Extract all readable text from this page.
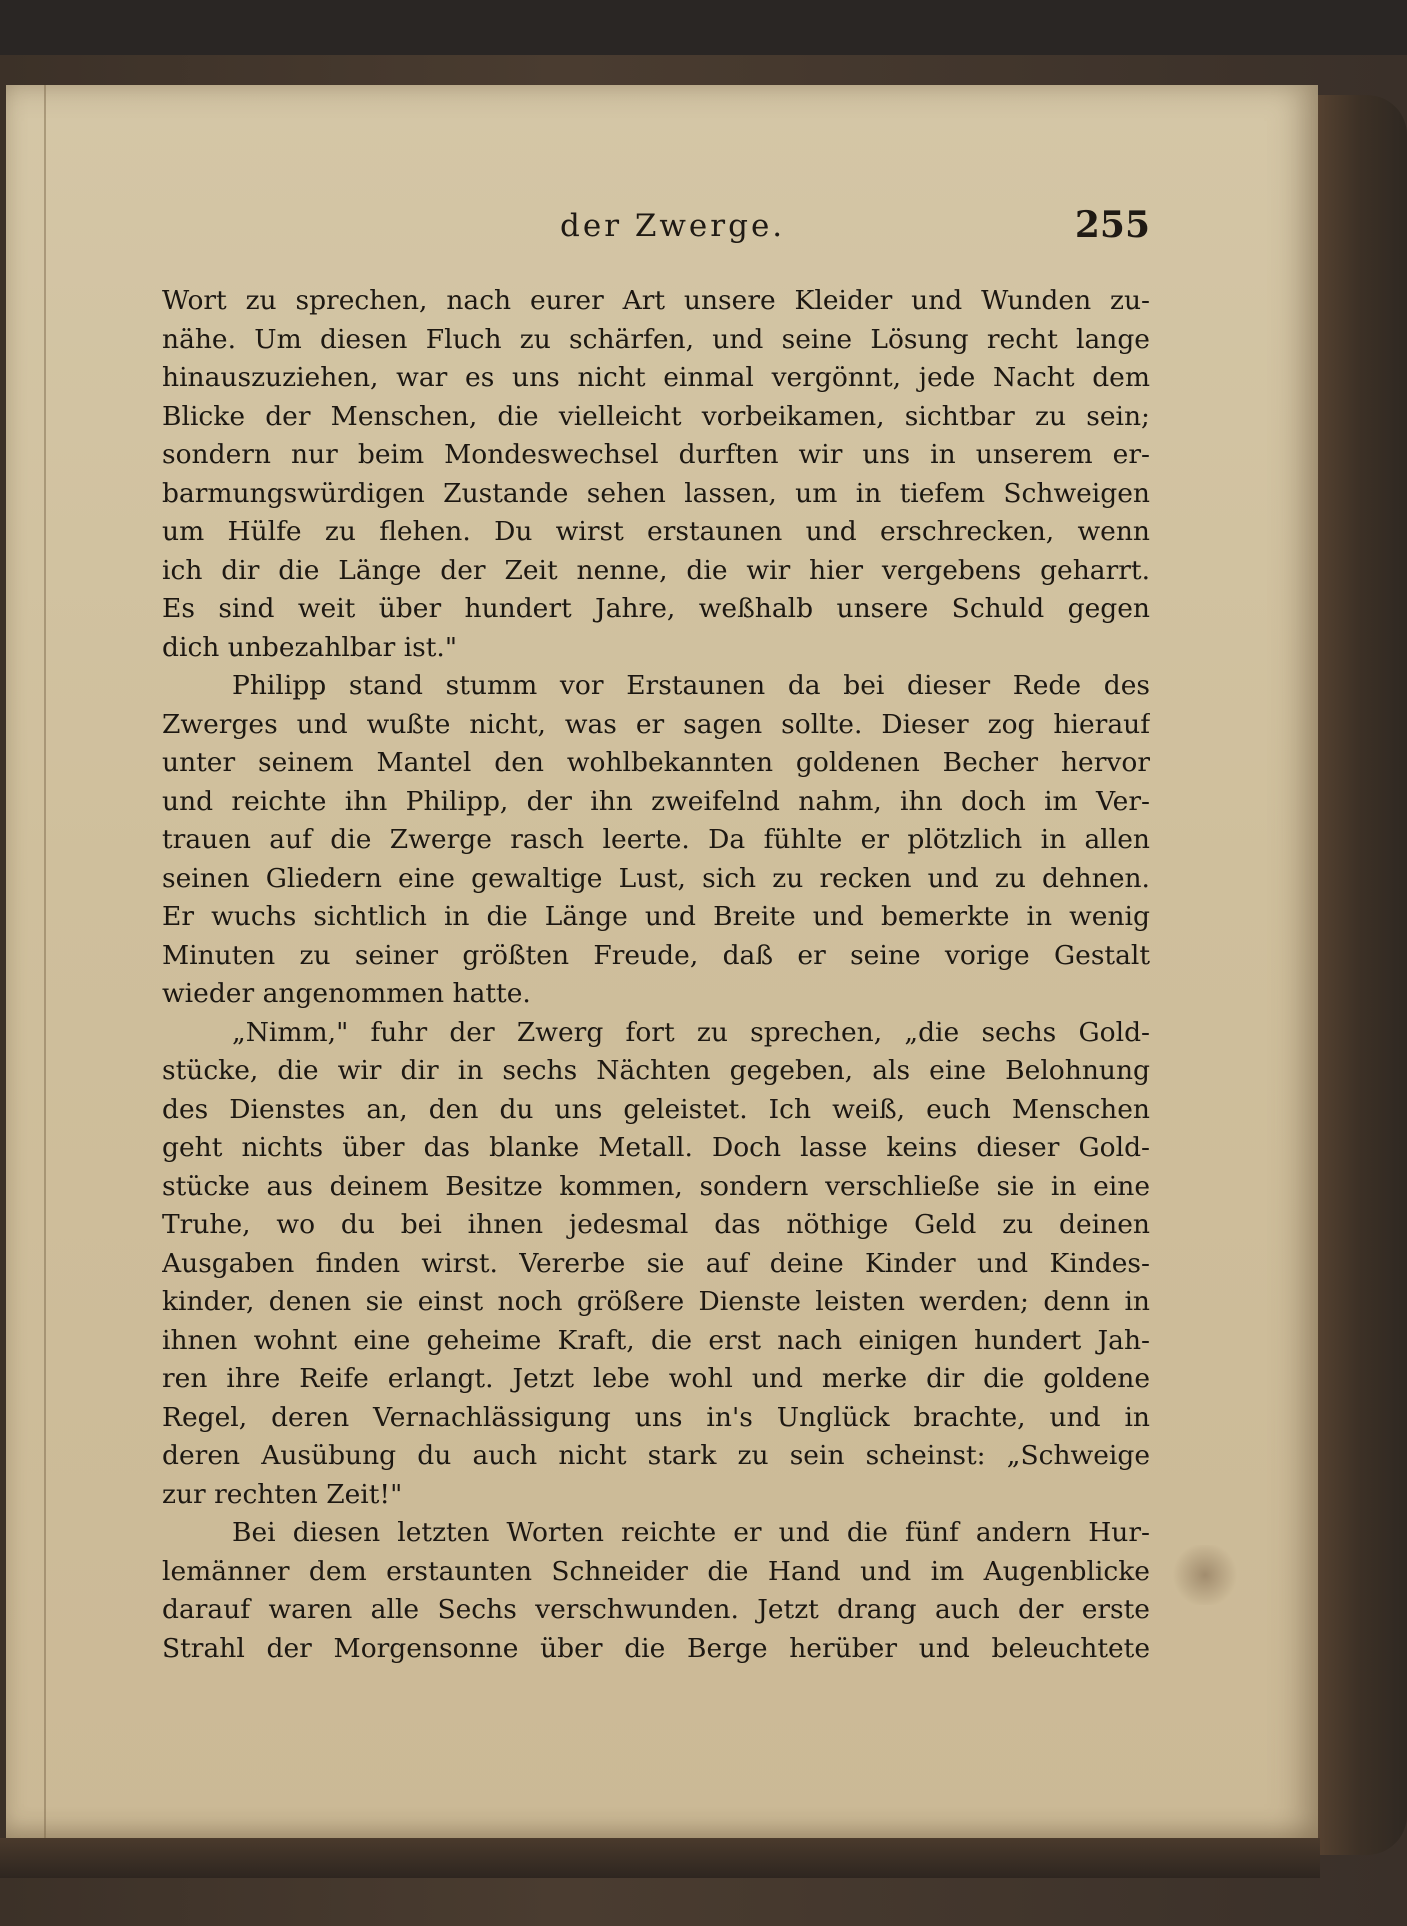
der Zwerge.	255
Wort zu sprechen, nach eurer Art unsere Kleider und Wunden zu-
nähe. Um diesen Fluch zu schärfen, und seine Lösung recht lange
hinauszuziehen, war es uns nicht einmal vergönnt, jede Nacht dem
Blicke der Menschen, die vielleicht vorbeikamen, sichtbar zu sein;
sondern nur beim Mondeswechsel durften wir uns in unserem er-
barmungswürdigen Zustande sehen lassen, um in tiefem Schweigen
um Hülfe zu flehen. Du wirst erstaunen und erschrecken, wenn
ich dir die Länge der Zeit nenne, die wir hier vergebens geharrt.
Es sind weit über hundert Jahre, weßhalb unsere Schuld gegen
dich unbezahlbar ist."
Philipp stand stumm vor Erstaunen da bei dieser Rede des
Zwerges und wußte nicht, was er sagen sollte. Dieser zog hierauf
unter seinem Mantel den wohlbekannten goldenen Becher hervor
und reichte ihn Philipp, der ihn zweifelnd nahm, ihn doch im Ver-
trauen auf die Zwerge rasch leerte. Da fühlte er plötzlich in allen
seinen Gliedern eine gewaltige Lust, sich zu recken und zu dehnen.
Er wuchs sichtlich in die Länge und Breite und bemerkte in wenig
Minuten zu seiner größten Freude, daß er seine vorige Gestalt
wieder angenommen hatte.
„Nimm," fuhr der Zwerg fort zu sprechen, „die sechs Gold-
stücke, die wir dir in sechs Nächten gegeben, als eine Belohnung
des Dienstes an, den du uns geleistet. Ich weiß, euch Menschen
geht nichts über das blanke Metall. Doch lasse keins dieser Gold-
stücke aus deinem Besitze kommen, sondern verschließe sie in eine
Truhe, wo du bei ihnen jedesmal das nöthige Geld zu deinen
Ausgaben finden wirst. Vererbe sie auf deine Kinder und Kindes-
kinder, denen sie einst noch größere Dienste leisten werden; denn in
ihnen wohnt eine geheime Kraft, die erst nach einigen hundert Jah-
ren ihre Reife erlangt. Jetzt lebe wohl und merke dir die goldene
Regel, deren Vernachlässigung uns in's Unglück brachte, und in
deren Ausübung du auch nicht stark zu sein scheinst: „Schweige
zur rechten Zeit!"
Bei diesen letzten Worten reichte er und die fünf andern Hur-
lemänner dem erstaunten Schneider die Hand und im Augenblicke
darauf waren alle Sechs verschwunden. Jetzt drang auch der erste
Strahl der Morgensonne über die Berge herüber und beleuchtete
